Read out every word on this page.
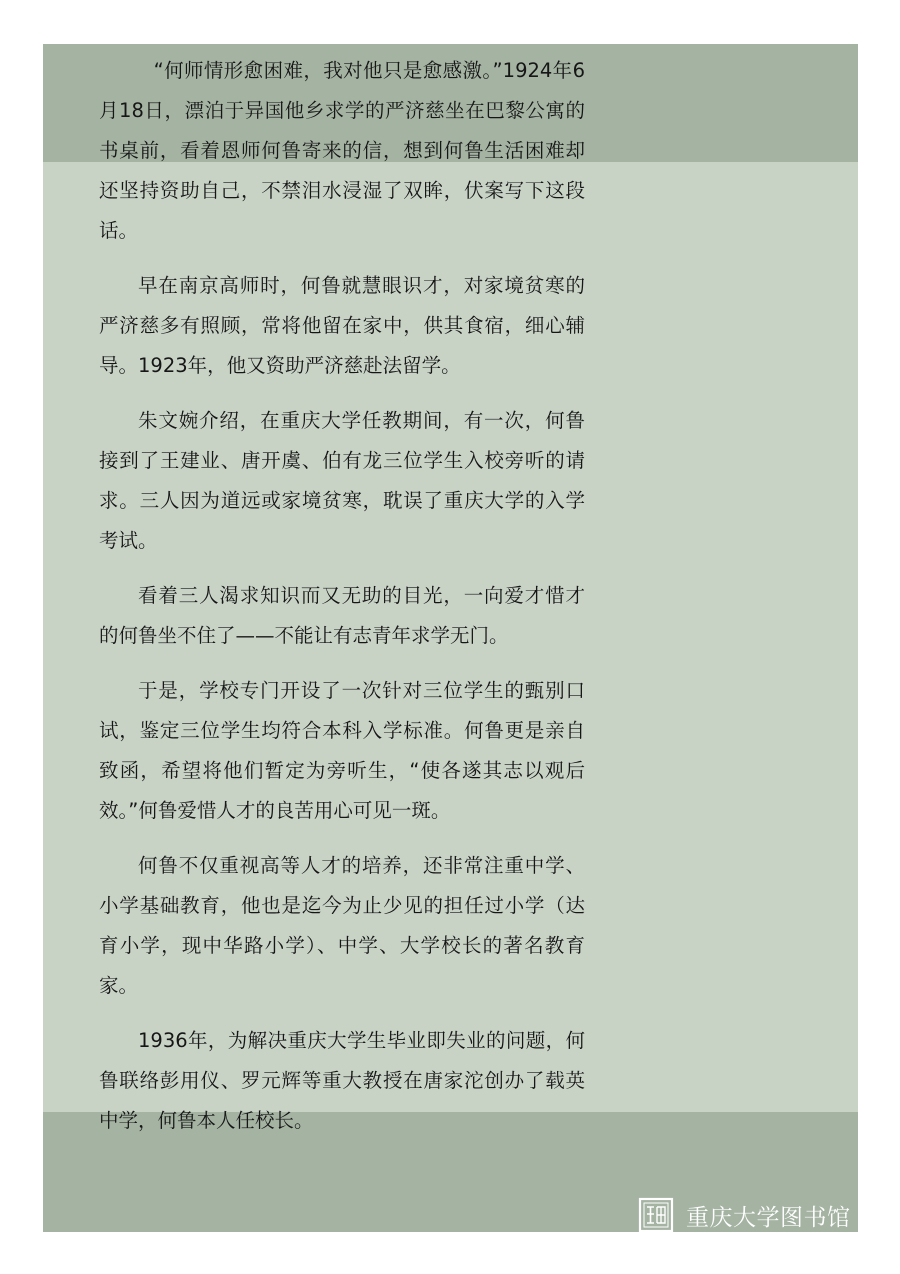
“何师情形愈困难，我对他只是愈感激。”1924年6月18日，漂泊于异国他乡求学的严济慈坐在巴黎公寓的书桌前，看着恩师何鲁寄来的信，想到何鲁生活困难却还坚持资助自己，不禁泪水浸湿了双眸，伏案写下这段话。

早在南京高师时，何鲁就慧眼识才，对家境贫寒的严济慈多有照顾，常将他留在家中，供其食宿，细心辅导。1923年，他又资助严济慈赴法留学。

朱文婉介绍，在重庆大学任教期间，有一次，何鲁接到了王建业、唐开虞、伯有龙三位学生入校旁听的请求。三人因为道远或家境贫寒，耽误了重庆大学的入学考试。

看着三人渴求知识而又无助的目光，一向爱才惜才的何鲁坐不住了——不能让有志青年求学无门。

于是，学校专门开设了一次针对三位学生的甄别口试，鉴定三位学生均符合本科入学标准。何鲁更是亲自致函，希望将他们暂定为旁听生，“使各遂其志以观后效。”何鲁爱惜人才的良苦用心可见一斑。

何鲁不仅重视高等人才的培养，还非常注重中学、小学基础教育，他也是迄今为止少见的担任过小学（达育小学，现中华路小学）、中学、大学校长的著名教育家。

1936年，为解决重庆大学生毕业即失业的问题，何鲁联络彭用仪、罗元辉等重大教授在唐家沱创办了载英中学，何鲁本人任校长。

重庆大学图书馆
